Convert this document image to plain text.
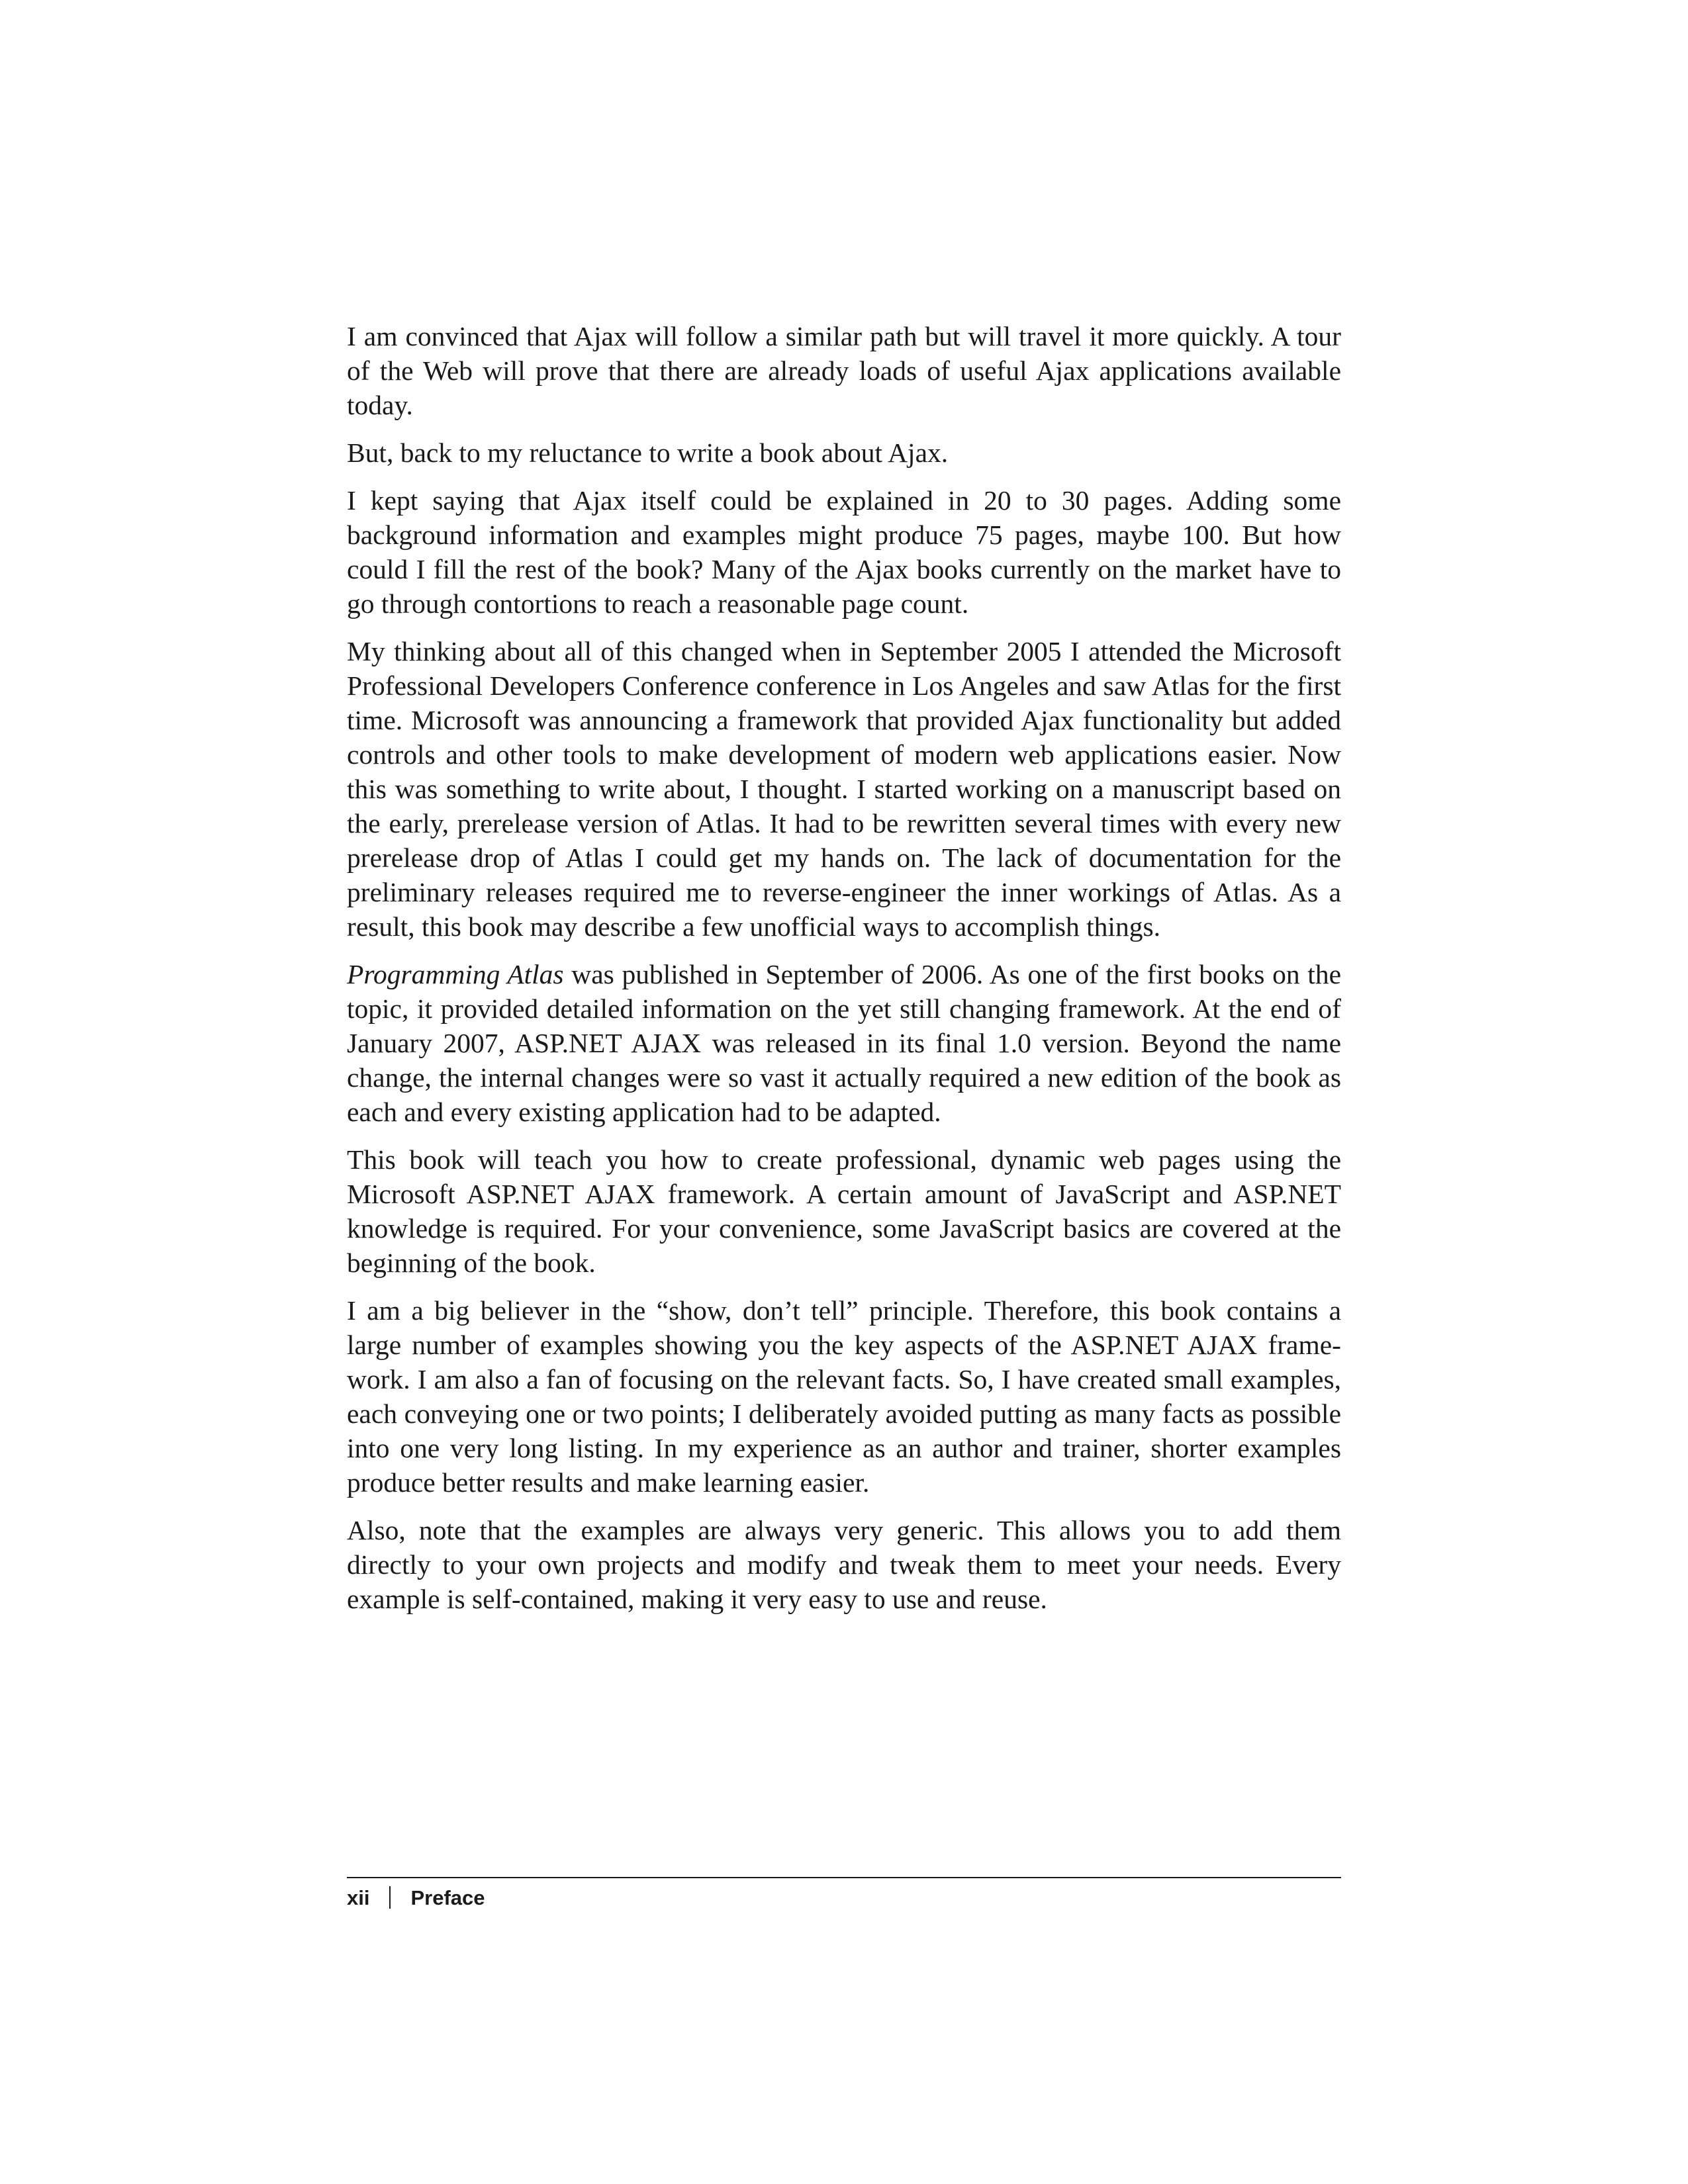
I am convinced that Ajax will follow a similar path but will travel it more quickly. A tour of the Web will prove that there are already loads of useful Ajax applications available today.

But, back to my reluctance to write a book about Ajax.

I kept saying that Ajax itself could be explained in 20 to 30 pages. Adding some background information and examples might produce 75 pages, maybe 100. But how could I fill the rest of the book? Many of the Ajax books currently on the market have to go through contortions to reach a reasonable page count.

My thinking about all of this changed when in September 2005 I attended the Microsoft Professional Developers Conference conference in Los Angeles and saw Atlas for the first time. Microsoft was announcing a framework that provided Ajax functionality but added controls and other tools to make development of modern web applications easier. Now this was something to write about, I thought. I started working on a manuscript based on the early, prerelease version of Atlas. It had to be rewritten several times with every new prerelease drop of Atlas I could get my hands on. The lack of documentation for the preliminary releases required me to reverse-engineer the inner workings of Atlas. As a result, this book may describe a few unofficial ways to accomplish things.

Programming Atlas was published in September of 2006. As one of the first books on the topic, it provided detailed information on the yet still changing framework. At the end of January 2007, ASP.NET AJAX was released in its final 1.0 version. Beyond the name change, the internal changes were so vast it actually required a new edition of the book as each and every existing application had to be adapted.

This book will teach you how to create professional, dynamic web pages using the Microsoft ASP.NET AJAX framework. A certain amount of JavaScript and ASP.NET knowledge is required. For your convenience, some JavaScript basics are covered at the beginning of the book.

I am a big believer in the “show, don’t tell” principle. Therefore, this book contains a large number of examples showing you the key aspects of the ASP.NET AJAX framework. I am also a fan of focusing on the relevant facts. So, I have created small examples, each conveying one or two points; I deliberately avoided putting as many facts as possible into one very long listing. In my experience as an author and trainer, shorter examples produce better results and make learning easier.

Also, note that the examples are always very generic. This allows you to add them directly to your own projects and modify and tweak them to meet your needs. Every example is self-contained, making it very easy to use and reuse.

xii Preface
